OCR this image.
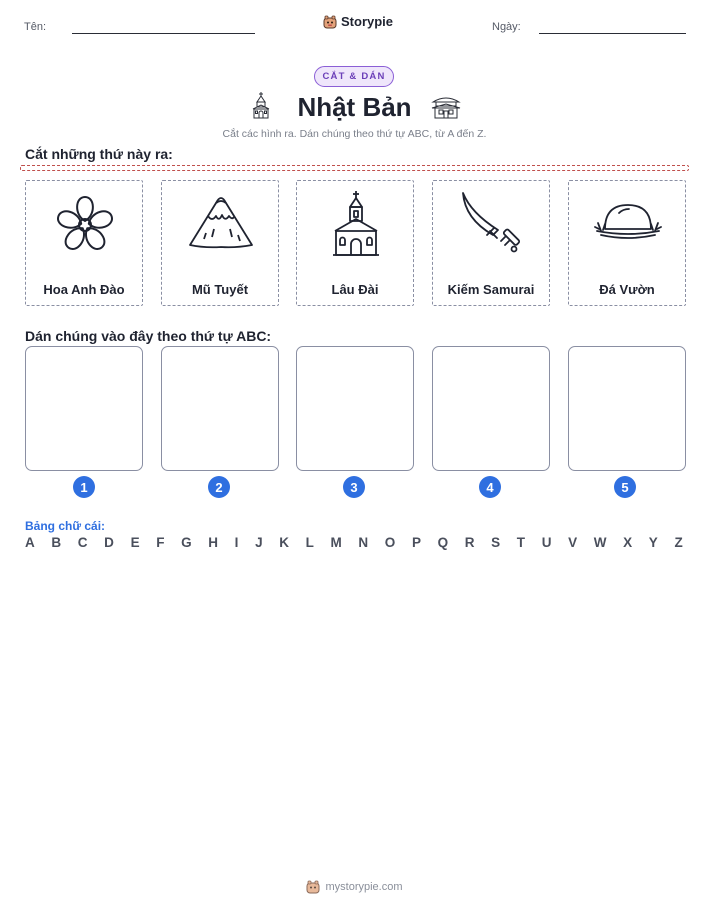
Tên:	Storypie	Ngày:
CẮT & DÁN
Nhật Bản
Cắt các hình ra. Dán chúng theo thứ tự ABC, từ A đến Z.
Cắt những thứ này ra:
Hoa Anh Đào	Mũ Tuyết	Lâu Đài	Kiếm Samurai	Đá Vườn
Dán chúng vào đây theo thứ tự ABC:
1	2	3	4	5
Bảng chữ cái:
A B C D E F G H I J K L M N O P Q R S T U V W X Y Z
mystorypie.com
